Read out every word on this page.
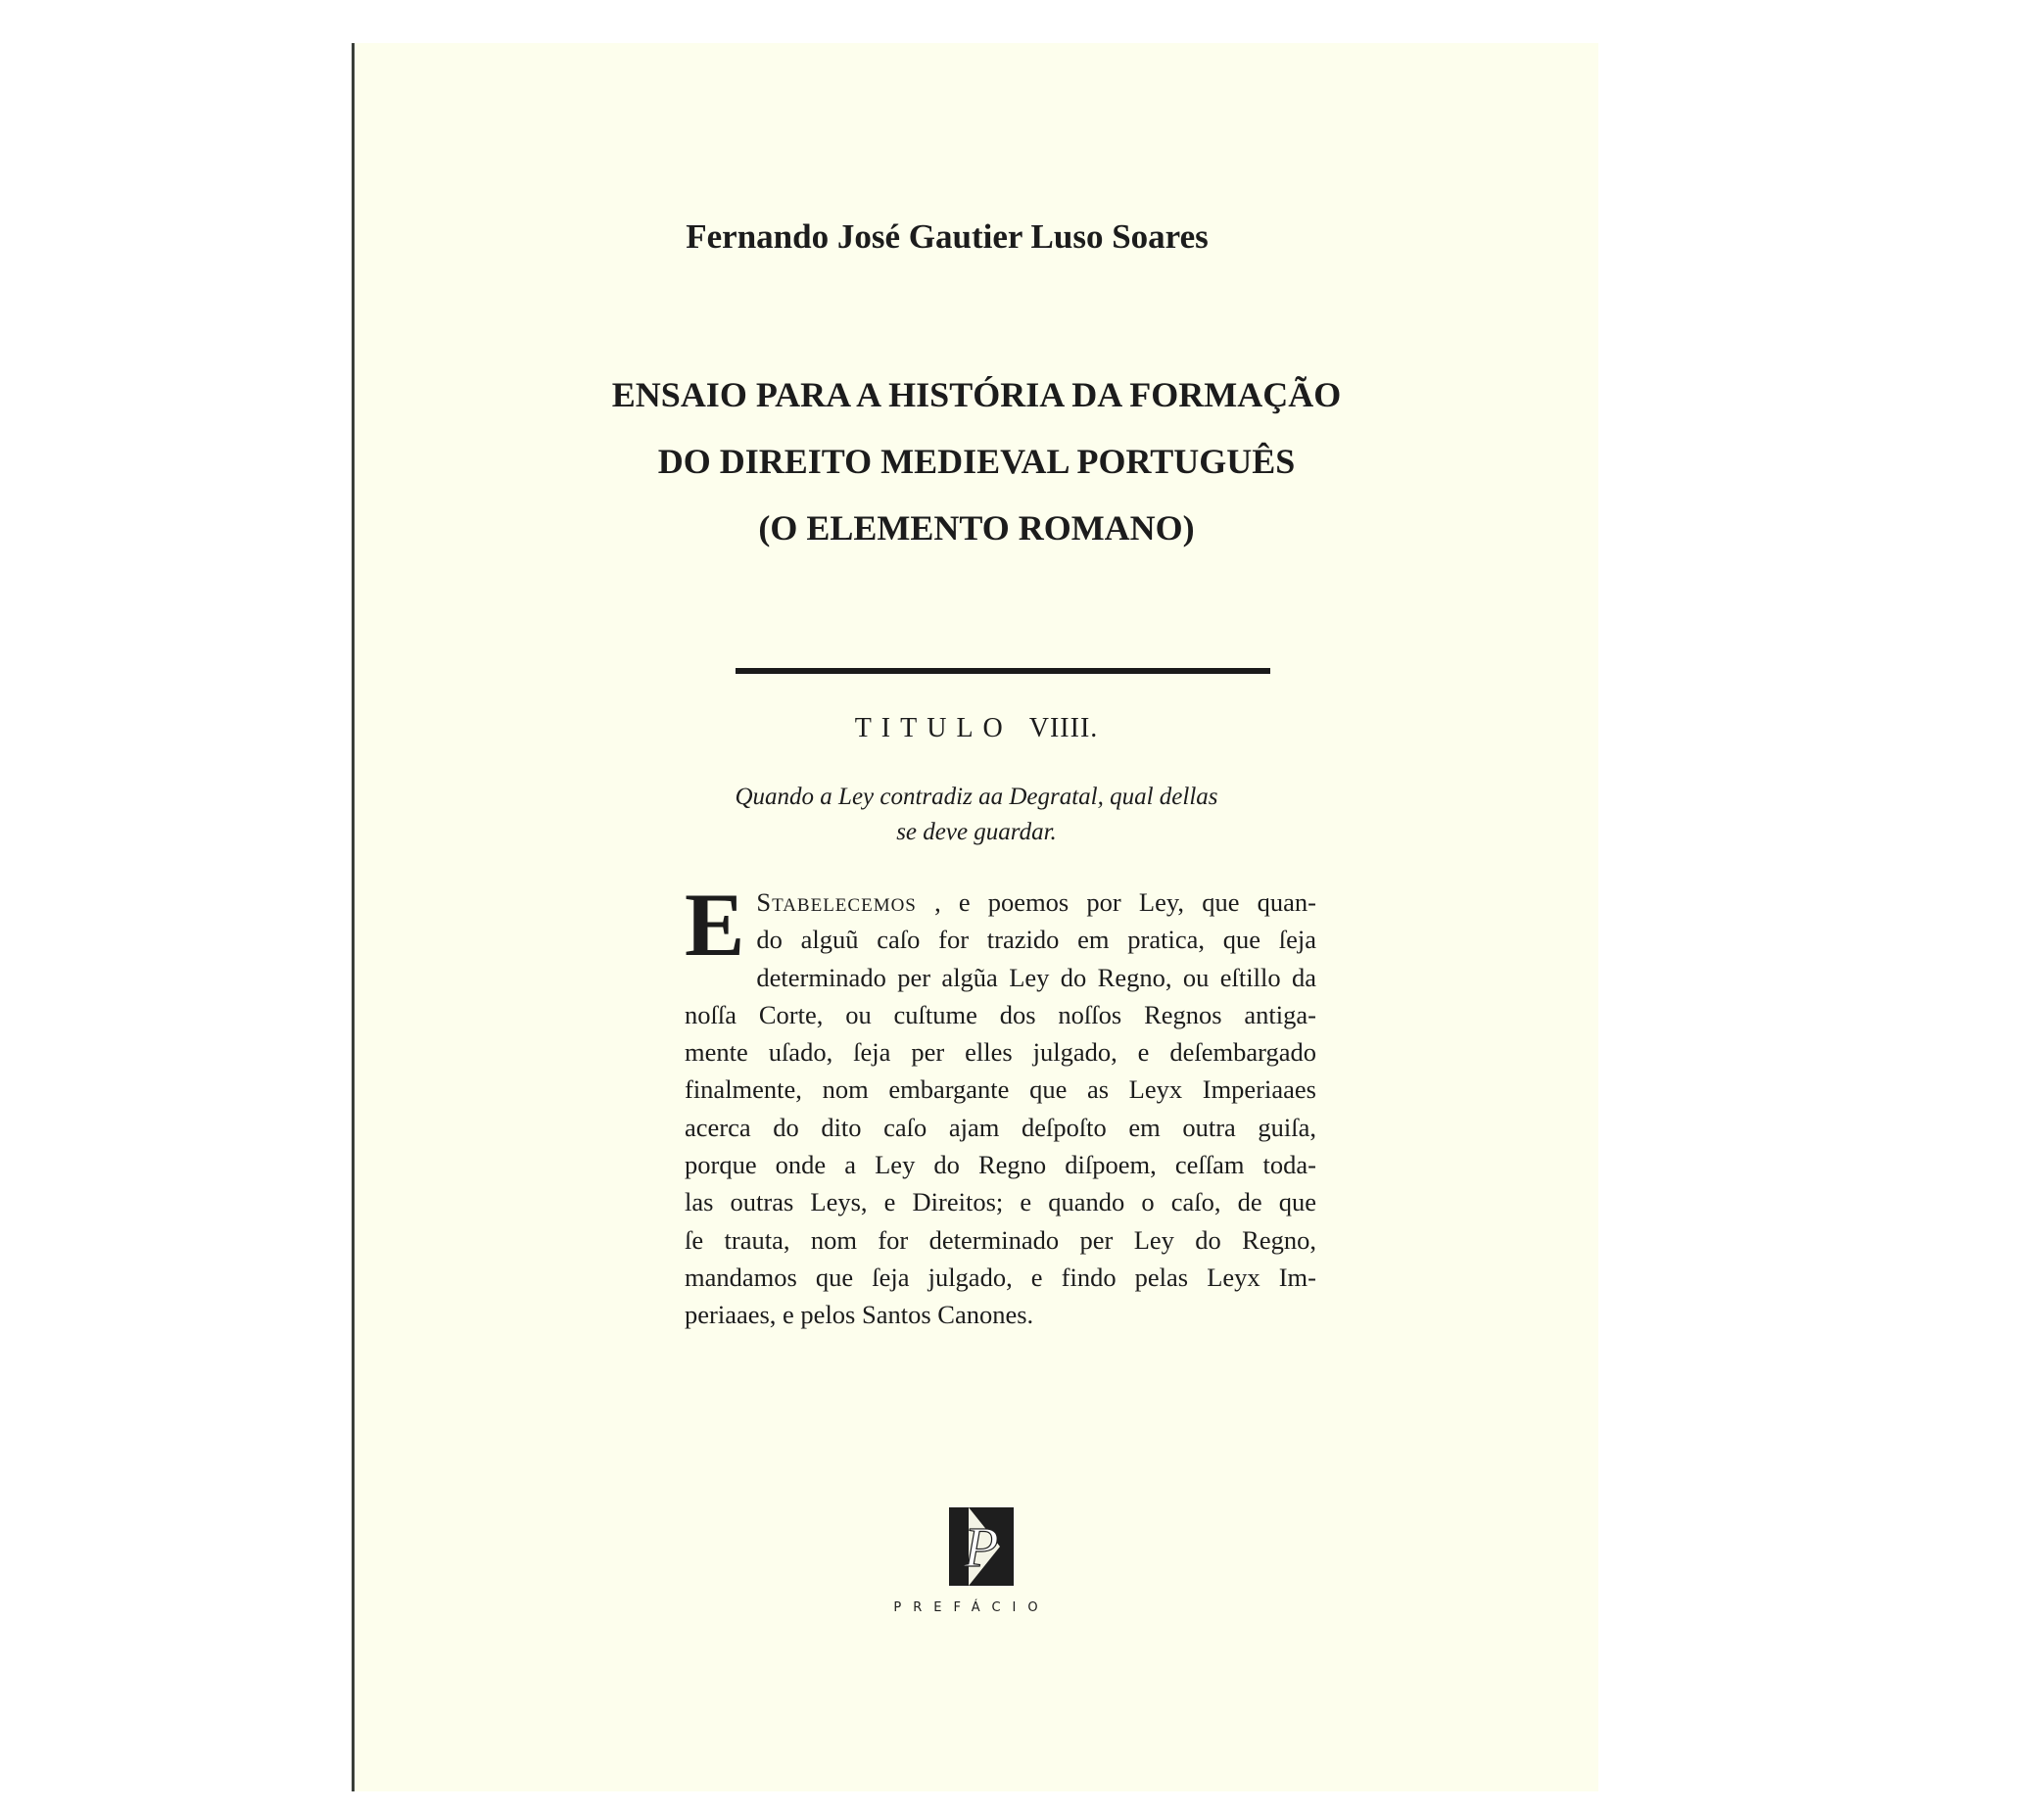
Fernando José Gautier Luso Soares
ENSAIO PARA A HISTÓRIA DA FORMAÇÃO
DO DIREITO MEDIEVAL PORTUGUÊS
(O ELEMENTO ROMANO)
TITULO VIIII.
Quando a Ley contradiz aa Degratal, qual dellas
se deve guardar.
E Stabelecemos , e poemos por Ley, que quan-
do alguũ caſo for trazido em pratica, que ſeja
determinado per algũa Ley do Regno, ou eſtillo da
noſſa Corte, ou cuſtume dos noſſos Regnos antiga-
mente uſado, ſeja per elles julgado, e deſembargado
finalmente, nom embargante que as Leyx Imperiaaes
acerca do dito caſo ajam deſpoſto em outra guiſa,
porque onde a Ley do Regno diſpoem, ceſſam toda-
las outras Leys, e Direitos; e quando o caſo, de que
ſe trauta, nom for determinado per Ley do Regno,
mandamos que ſeja julgado, e findo pelas Leyx Im-
periaaes, e pelos Santos Canones.
P
PREFÁCIO
